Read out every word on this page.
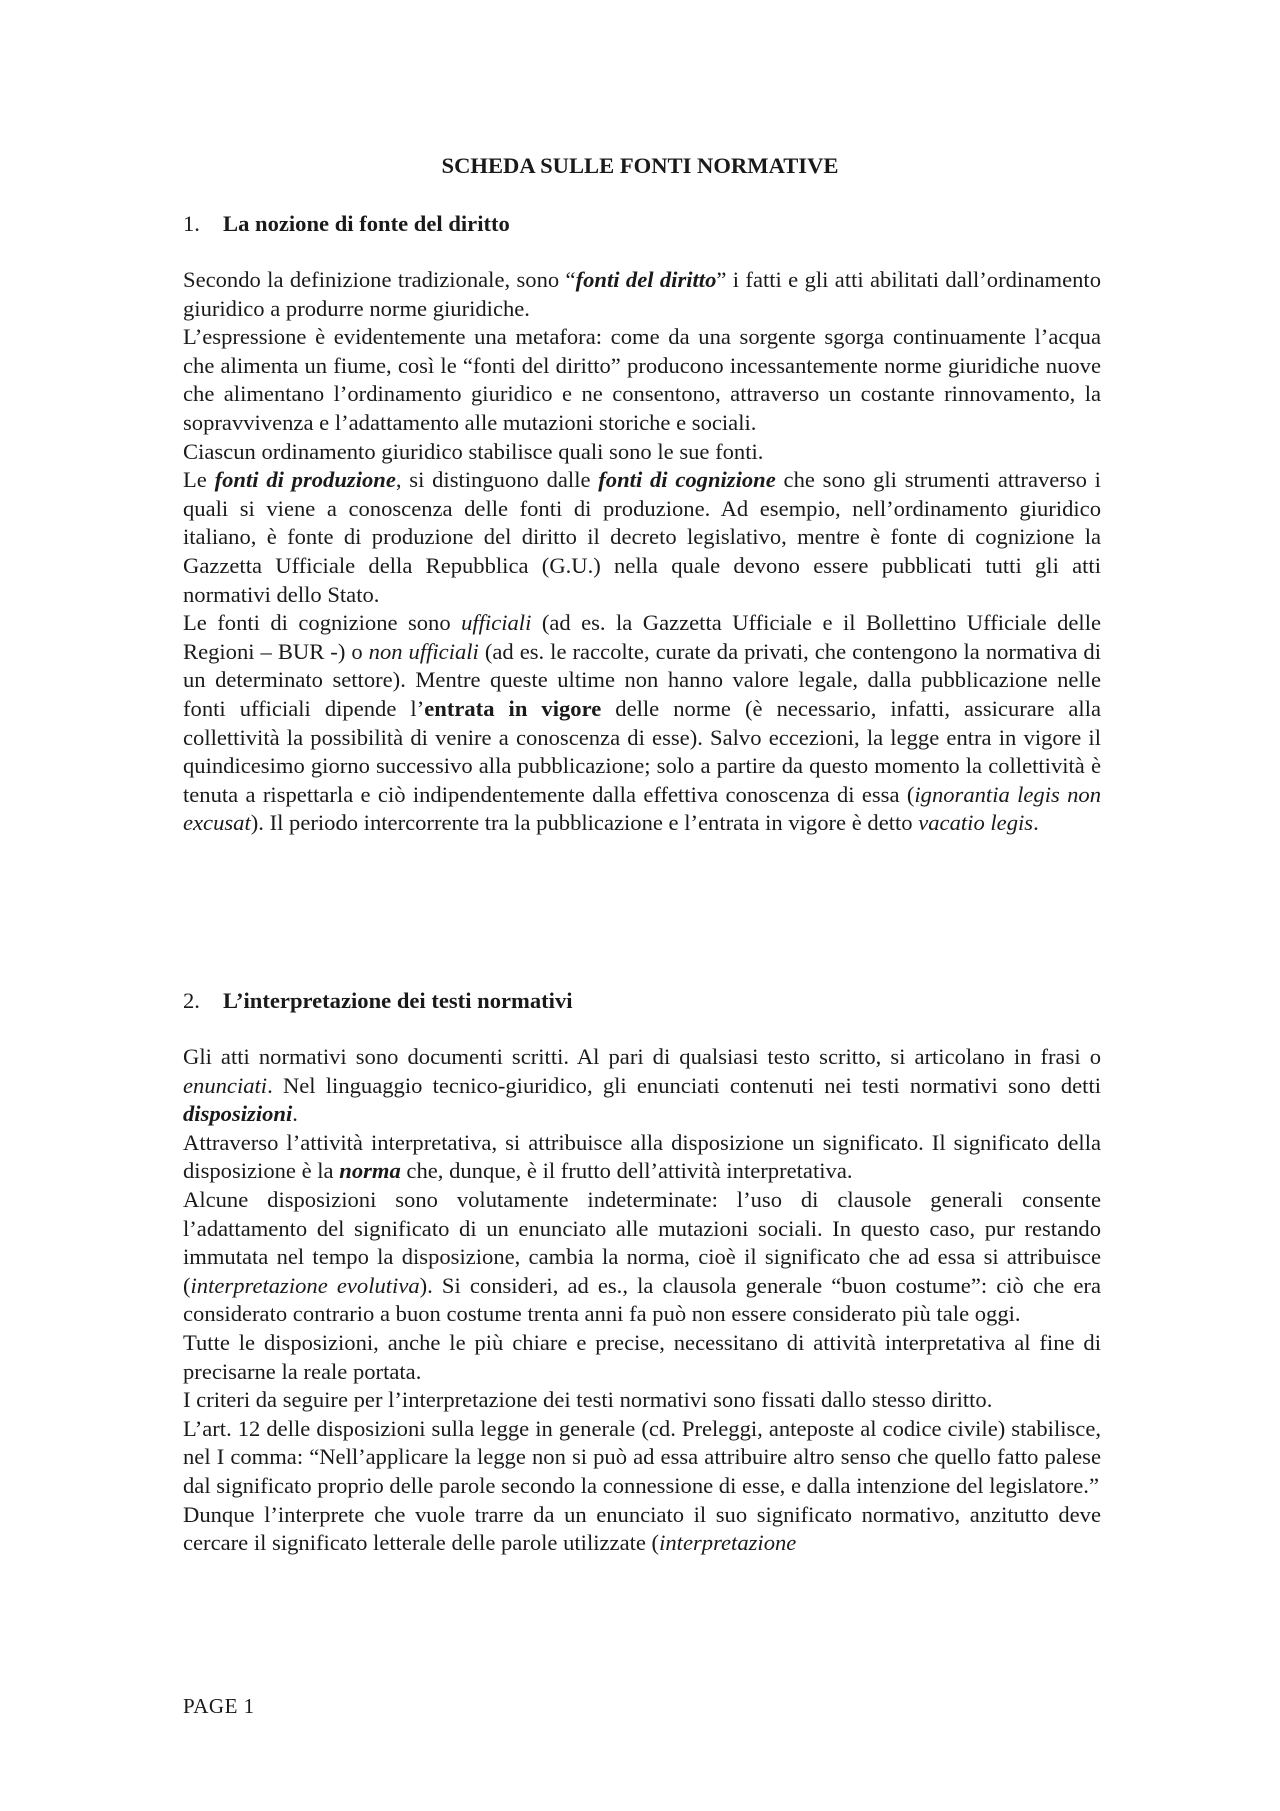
SCHEDA SULLE FONTI NORMATIVE
1. La nozione di fonte del diritto

Secondo la definizione tradizionale, sono “fonti del diritto” i fatti e gli atti abilitati dall’ordinamento giuridico a produrre norme giuridiche.

L’espressione è evidentemente una metafora: come da una sorgente sgorga continuamente l’acqua che alimenta un fiume, così le “fonti del diritto” producono incessantemente norme giuridiche nuove che alimentano l’ordinamento giuridico e ne consentono, attraverso un costante rinnovamento, la sopravvivenza e l’adattamento alle mutazioni storiche e sociali.

Ciascun ordinamento giuridico stabilisce quali sono le sue fonti.

Le fonti di produzione, si distinguono dalle fonti di cognizione che sono gli strumenti attraverso i quali si viene a conoscenza delle fonti di produzione. Ad esempio, nell’ordinamento giuridico italiano, è fonte di produzione del diritto il decreto legislativo, mentre è fonte di cognizione la Gazzetta Ufficiale della Repubblica (G.U.) nella quale devono essere pubblicati tutti gli atti normativi dello Stato.

Le fonti di cognizione sono ufficiali (ad es. la Gazzetta Ufficiale e il Bollettino Ufficiale delle Regioni – BUR -) o non ufficiali (ad es. le raccolte, curate da privati, che contengono la normativa di un determinato settore). Mentre queste ultime non hanno valore legale, dalla pubblicazione nelle fonti ufficiali dipende l’entrata in vigore delle norme (è necessario, infatti, assicurare alla collettività la possibilità di venire a conoscenza di esse). Salvo eccezioni, la legge entra in vigore il quindicesimo giorno successivo alla pubblicazione; solo a partire da questo momento la collettività è tenuta a rispettarla e ciò indipendentemente dalla effettiva conoscenza di essa (ignorantia legis non excusat). Il periodo intercorrente tra la pubblicazione e l’entrata in vigore è detto vacatio legis.

2. L’interpretazione dei testi normativi

Gli atti normativi sono documenti scritti. Al pari di qualsiasi testo scritto, si articolano in frasi o enunciati. Nel linguaggio tecnico-giuridico, gli enunciati contenuti nei testi normativi sono detti disposizioni.

Attraverso l’attività interpretativa, si attribuisce alla disposizione un significato. Il significato della disposizione è la norma che, dunque, è il frutto dell’attività interpretativa.

Alcune disposizioni sono volutamente indeterminate: l’uso di clausole generali consente l’adattamento del significato di un enunciato alle mutazioni sociali. In questo caso, pur restando immutata nel tempo la disposizione, cambia la norma, cioè il significato che ad essa si attribuisce (interpretazione evolutiva). Si consideri, ad es., la clausola generale “buon costume”: ciò che era considerato contrario a buon costume trenta anni fa può non essere considerato più tale oggi.

Tutte le disposizioni, anche le più chiare e precise, necessitano di attività interpretativa al fine di precisarne la reale portata.

I criteri da seguire per l’interpretazione dei testi normativi sono fissati dallo stesso diritto.

L’art. 12 delle disposizioni sulla legge in generale (cd. Preleggi, anteposte al codice civile) stabilisce, nel I comma: “Nell’applicare la legge non si può ad essa attribuire altro senso che quello fatto palese dal significato proprio delle parole secondo la connessione di esse, e dalla intenzione del legislatore.”

Dunque l’interprete che vuole trarre da un enunciato il suo significato normativo, anzitutto deve cercare il significato letterale delle parole utilizzate (interpretazione

PAGE 1
